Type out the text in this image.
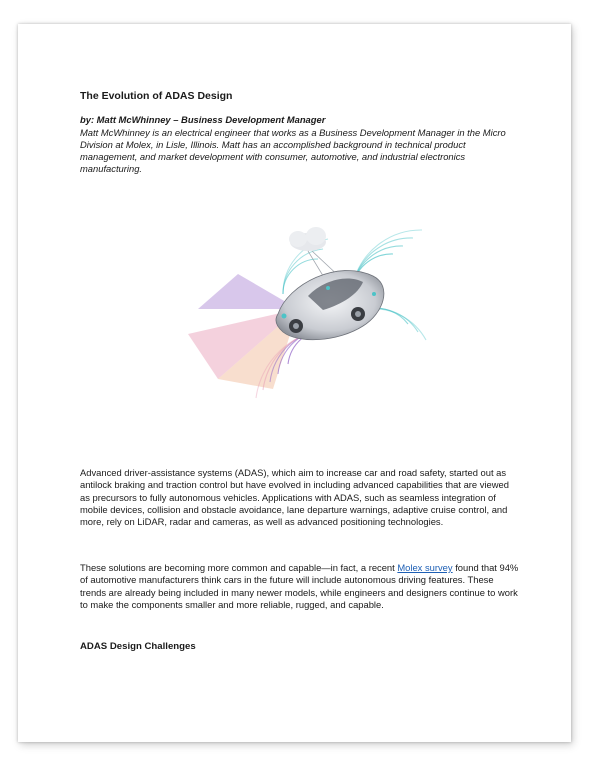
The Evolution of ADAS Design

by: Matt McWhinney – Business Development Manager

Matt McWhinney is an electrical engineer that works as a Business Development Manager in the Micro Division at Molex, in Lisle, Illinois. Matt has an accomplished background in technical product management, and market development with consumer, automotive, and industrial electronics manufacturing.

Advanced driver-assistance systems (ADAS), which aim to increase car and road safety, started out as antilock braking and traction control but have evolved in including advanced capabilities that are viewed as precursors to fully autonomous vehicles. Applications with ADAS, such as seamless integration of mobile devices, collision and obstacle avoidance, lane departure warnings, adaptive cruise control, and more, rely on LiDAR, radar and cameras, as well as advanced positioning technologies.

These solutions are becoming more common and capable—in fact, a recent Molex survey found that 94% of automotive manufacturers think cars in the future will include autonomous driving features. These trends are already being included in many newer models, while engineers and designers continue to work to make the components smaller and more reliable, rugged, and capable.

ADAS Design Challenges
